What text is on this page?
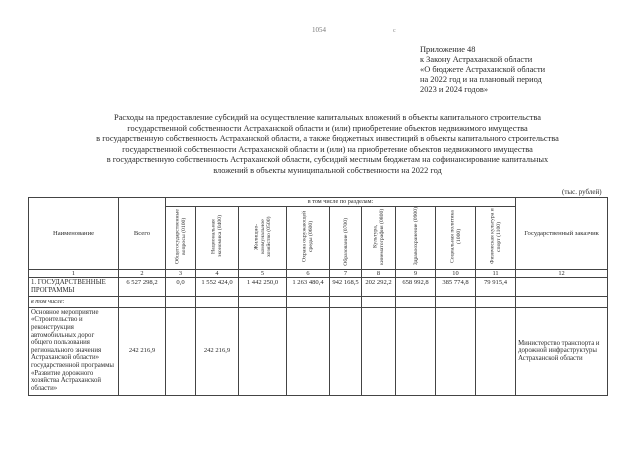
1054	с
Приложение 48
к Закону Астраханской области
«О бюджете Астраханской области
на 2022 год и на плановый период
2023 и 2024 годов»
Расходы на предоставление субсидий на осуществление капитальных вложений в объекты капитального строительства
государственной собственности Астраханской области и (или) приобретение объектов недвижимого имущества
в государственную собственность Астраханской области, а также бюджетных инвестиций в объекты капитального строительства
государственной собственности Астраханской области и (или) на приобретение объектов недвижимого имущества
в государственную собственность Астраханской области, субсидий местным бюджетам на софинансирование капитальных
вложений в объекты муниципальной собственности на 2022 год
(тыс. рублей)
Наименование	Всего	в том числе по разделам:									Государственный заказчик

		Общегосударственные вопросы (0100)	Национальная экономика (0400)	Жилищно-коммунальное хозяйство (0500)	Охрана окружающей среды (0600)	Образование (0700)	Культура, кинематография (0800)	Здравоохранение (0900)	Социальная политика (1000)	Физическая культура и спорт (1100)	

1	2	3	4	5	6	7	8	9	10	11	12
1. ГОСУДАРСТВЕННЫЕ ПРОГРАММЫ	6 527 298,2	0,0	1 552 424,0	1 442 250,0	1 263 480,4	942 168,5	202 292,2	658 992,8	385 774,8	79 915,4	
в том числе:											
Основное мероприятие «Строительство и реконструкция автомобильных дорог общего пользования регионального значения Астраханской области» государственной программы «Развитие дорожного хозяйства Астраханской области»	242 216,9		242 216,9								Министерство транспорта и дорожной инфраструктуры Астраханской области
